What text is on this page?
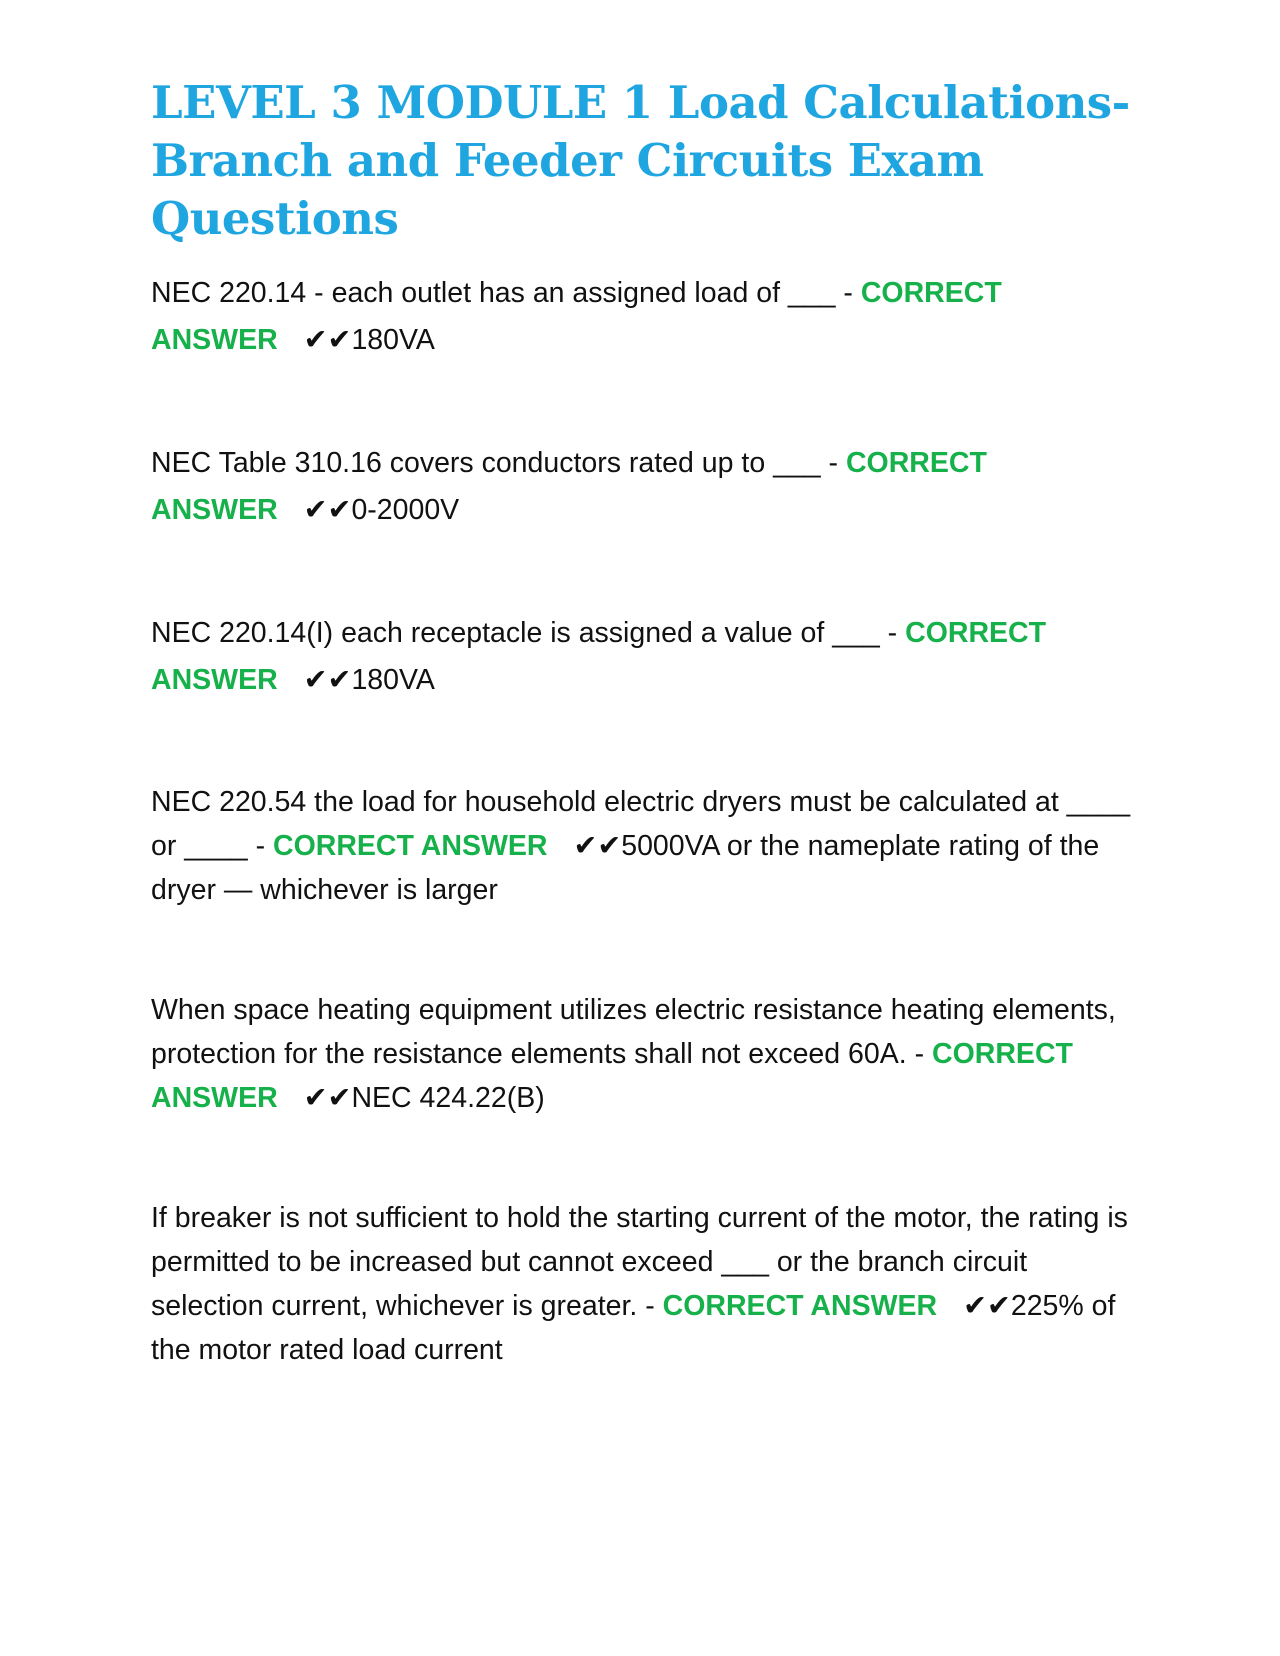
LEVEL 3 MODULE 1 Load Calculations-
Branch and Feeder Circuits Exam Questions

NEC 220.14 - each outlet has an assigned load of ___ - CORRECT ANSWER ✔✔180VA

NEC Table 310.16 covers conductors rated up to ___ - CORRECT ANSWER ✔✔0-2000V

NEC 220.14(I) each receptacle is assigned a value of ___ - CORRECT ANSWER ✔✔180VA

NEC 220.54 the load for household electric dryers must be calculated at ____ or ____ - CORRECT ANSWER ✔✔5000VA or the nameplate rating of the dryer — whichever is larger

When space heating equipment utilizes electric resistance heating elements, protection for the resistance elements shall not exceed 60A. - CORRECT ANSWER ✔✔NEC 424.22(B)

If breaker is not sufficient to hold the starting current of the motor, the rating is permitted to be increased but cannot exceed ___ or the branch circuit selection current, whichever is greater. - CORRECT ANSWER ✔✔225% of the motor rated load current
